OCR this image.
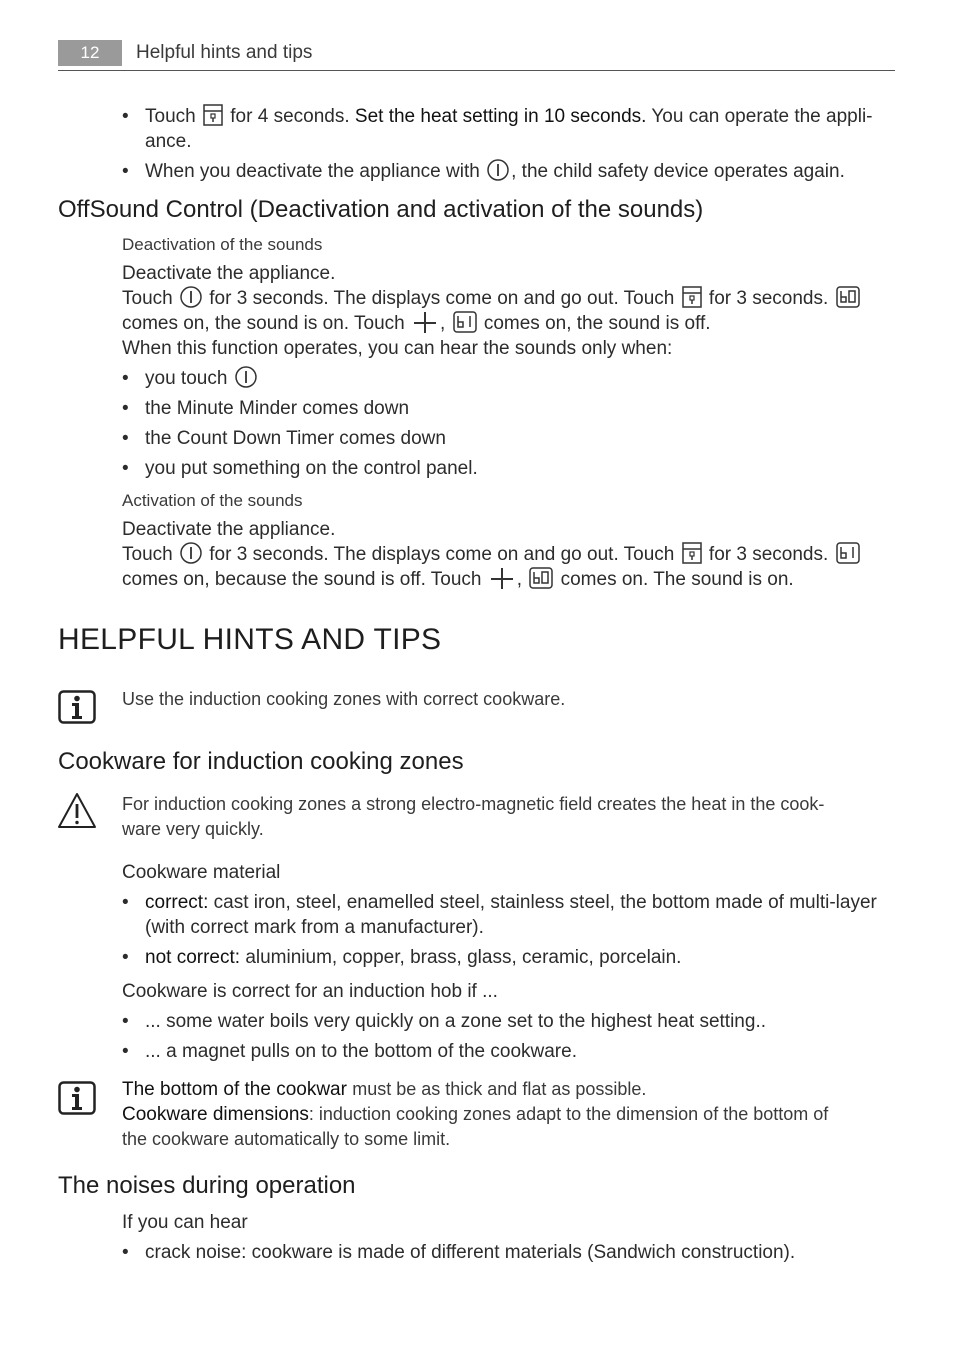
12	Helpful hints and tips
• Touch for 4 seconds. Set the heat setting in 10 seconds. You can operate the appli-
ance.
• When you deactivate the appliance with , the child safety device operates again.
OffSound Control (Deactivation and activation of the sounds)
Deactivation of the sounds
Deactivate the appliance.
Touch for 3 seconds. The displays come on and go out. Touch for 3 seconds.
comes on, the sound is on. Touch , comes on, the sound is off.
When this function operates, you can hear the sounds only when:
• you touch
• the Minute Minder comes down
• the Count Down Timer comes down
• you put something on the control panel.
Activation of the sounds
Deactivate the appliance.
Touch for 3 seconds. The displays come on and go out. Touch for 3 seconds.
comes on, because the sound is off. Touch , comes on. The sound is on.
HELPFUL HINTS AND TIPS
Use the induction cooking zones with correct cookware.
Cookware for induction cooking zones
For induction cooking zones a strong electro-magnetic field creates the heat in the cook-
ware very quickly.
Cookware material
• correct: cast iron, steel, enamelled steel, stainless steel, the bottom made of multi-layer
(with correct mark from a manufacturer).
• not correct: aluminium, copper, brass, glass, ceramic, porcelain.
Cookware is correct for an induction hob if ...
• ... some water boils very quickly on a zone set to the highest heat setting..
• ... a magnet pulls on to the bottom of the cookware.
The bottom of the cookwar must be as thick and flat as possible.
Cookware dimensions: induction cooking zones adapt to the dimension of the bottom of
the cookware automatically to some limit.
The noises during operation
If you can hear
• crack noise: cookware is made of different materials (Sandwich construction).
